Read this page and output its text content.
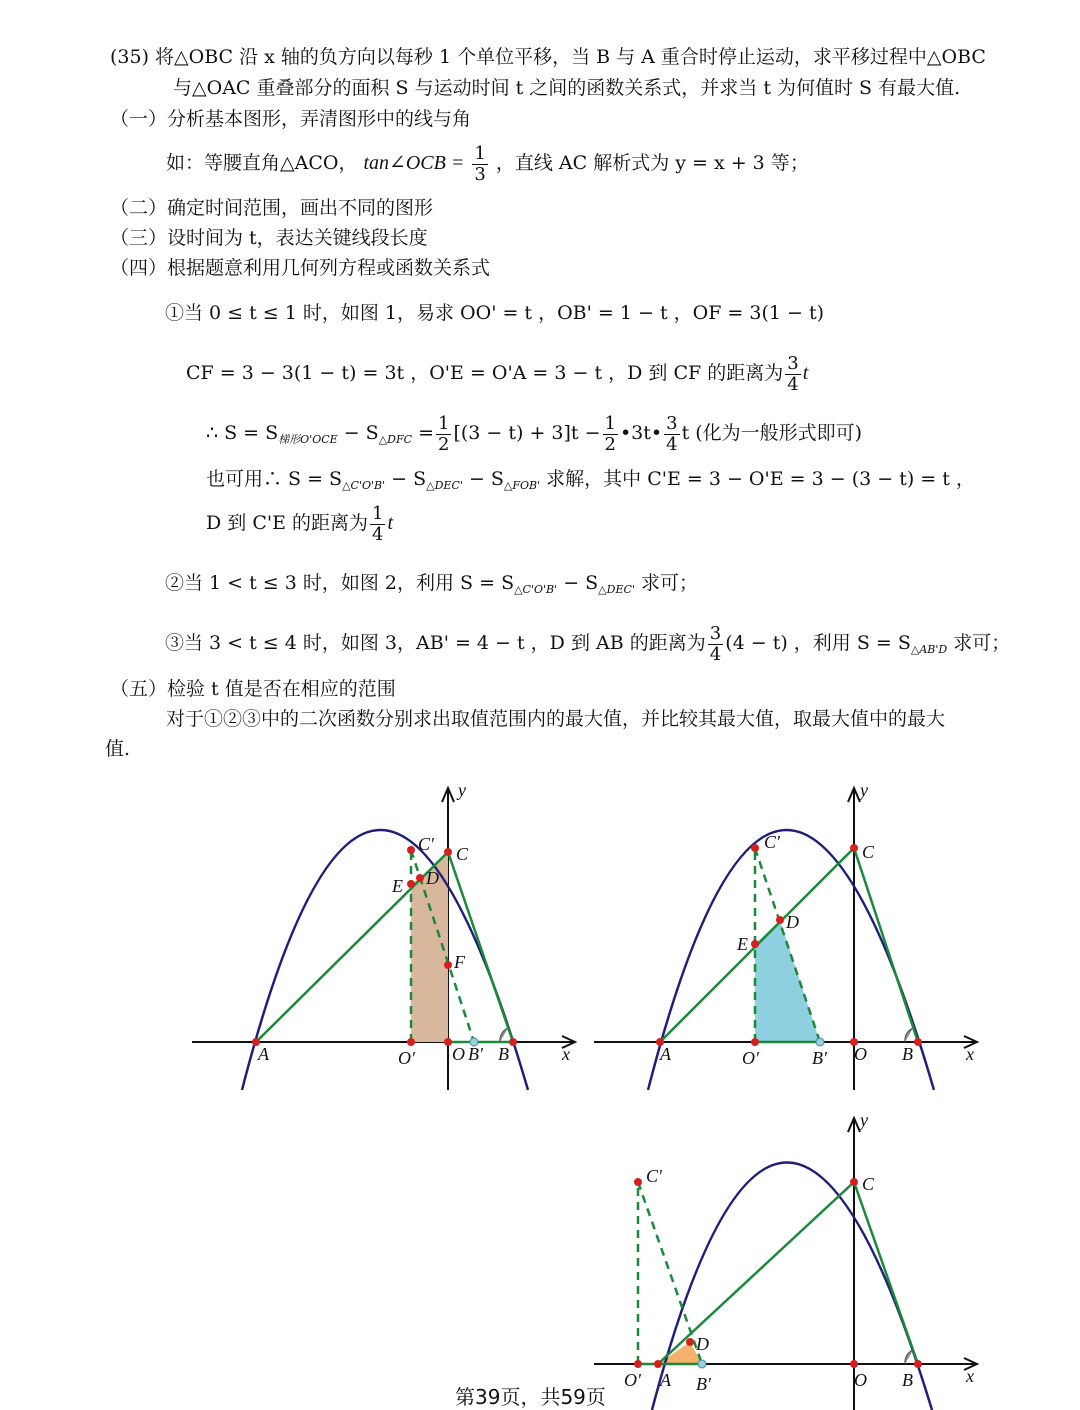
(35) 将△OBC 沿 x 轴的负方向以每秒 1 个单位平移，当 B 与 A 重合时停止运动，求平移过程中△OBC
与△OAC 重叠部分的面积 S 与运动时间 t 之间的函数关系式，并求当 t 为何值时 S 有最大值.
（一）分析基本图形，弄清图形中的线与角
如：等腰直角△ACO， tan∠OCB = $\frac{1}{3}$ ，直线 AC 解析式为 y = x + 3 等；
（二）确定时间范围，画出不同的图形
（三）设时间为 t，表达关键线段长度
（四）根据题意利用几何列方程或函数关系式
①当 0 ≤ t ≤ 1 时，如图 1，易求 OO' = t ，OB' = 1 − t ，OF = 3(1 − t)
CF = 3 − 3(1 − t) = 3t ，O'E = O'A = 3 − t ，D 到 CF 的距离为 $\frac{3}{4}$ t
∴ $S = S_{梯形O'OCE} - S_{\triangle DFC} = \frac{1}{2} [(3 - t) + 3]t - \frac{1}{2}$ •3t• $\frac{3}{4}$ t (化为一般形式即可)
也可用∴ $S = S_{\triangle C'O'B'} - S_{\triangle DEC'} - S_{\triangle FOB'}$ 求解，其中 C'E = 3 − O'E = 3 − (3 − t) = t ，
D 到 C'E 的距离为 $\frac{1}{4}$ t
②当 1 < t ≤ 3 时，如图 2，利用 $S = S_{\triangle C'O'B'} - S_{\triangle DEC'}$ 求可；
③当 3 < t ≤ 4 时，如图 3，AB' = 4 − t ，D 到 AB 的距离为 $\frac{3}{4} (4 - t)$ ，利用 $S = S_{\triangle AB'D}$ 求可；
（五）检验 t 值是否在相应的范围
对于①②③中的二次函数分别求出取值范围内的最大值，并比较其最大值，取最大值中的最大
值.
y
x
A	O' O B' B
C' C
E D
F
y
x
A	O'	B' O B
C'	C
E
D
y
x
O' A B'	O B
C'	C
D
第39页，共59页
